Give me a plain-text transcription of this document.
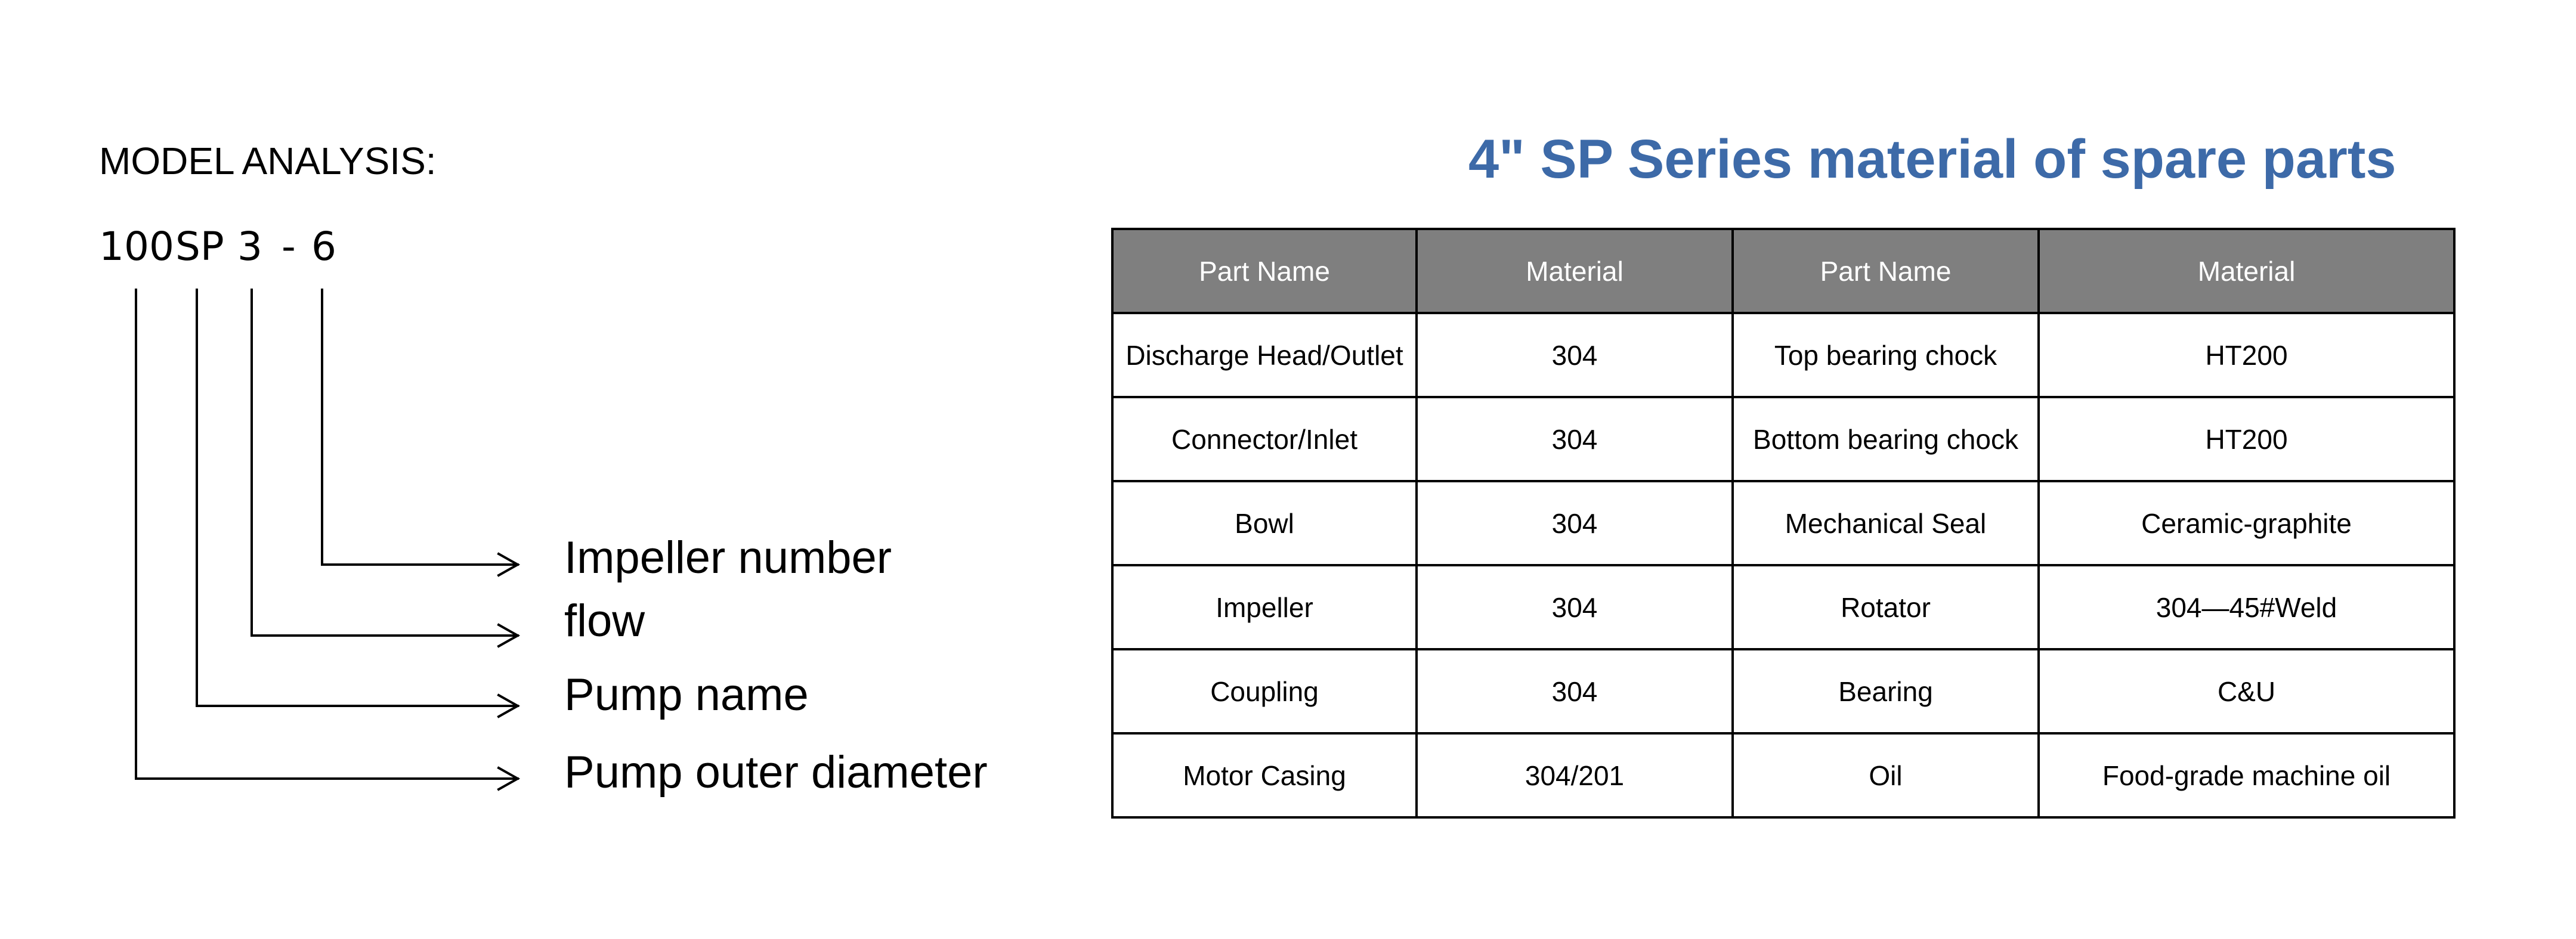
MODEL ANALYSIS:
100 SP 3 - 6
Impeller number
flow
Pump name
Pump outer diameter
4" SP Series material of spare parts
Part Name	Material	Part Name	Material
Discharge Head/Outlet	304	Top bearing chock	HT200
Connector/Inlet	304	Bottom bearing chock	HT200
Bowl	304	Mechanical Seal	Ceramic-graphite
Impeller	304	Rotator	304—45#Weld
Coupling	304	Bearing	C&U
Motor Casing	304/201	Oil	Food-grade machine oil
